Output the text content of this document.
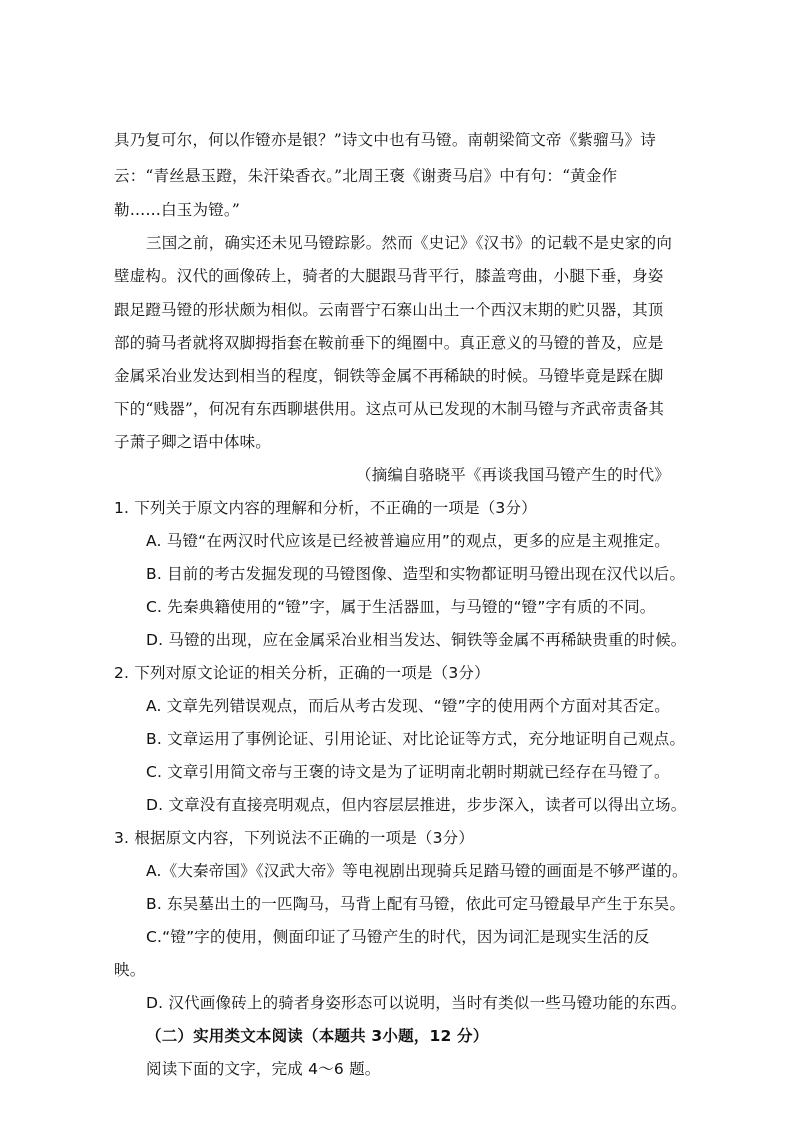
具乃复可尔，何以作镫亦是银？”诗文中也有马镫。南朝梁简文帝《紫骝马》诗
云：“青丝悬玉蹬，朱汗染香衣。”北周王褒《谢赉马启》中有句：“黄金作
勒……白玉为镫。”
三国之前，确实还未见马镫踪影。然而《史记》《汉书》的记载不是史家的向
壁虚构。汉代的画像砖上，骑者的大腿跟马背平行，膝盖弯曲，小腿下垂，身姿
跟足蹬马镫的形状颇为相似。云南晋宁石寨山出土一个西汉末期的贮贝器，其顶
部的骑马者就将双脚拇指套在鞍前垂下的绳圈中。真正意义的马镫的普及，应是
金属采冶业发达到相当的程度，铜铁等金属不再稀缺的时候。马镫毕竟是踩在脚
下的“贱器”，何况有东西聊堪供用。这点可从已发现的木制马镫与齐武帝责备其
子萧子卿之语中体味。
（摘编自骆晓平《再谈我国马镫产生的时代》
1. 下列关于原文内容的理解和分析，不正确的一项是（3分）
A. 马镫“在两汉时代应该是已经被普遍应用”的观点，更多的应是主观推定。
B. 目前的考古发掘发现的马镫图像、造型和实物都证明马镫出现在汉代以后。
C. 先秦典籍使用的“镫”字，属于生活器皿，与马镫的“镫”字有质的不同。
D. 马镫的出现，应在金属采冶业相当发达、铜铁等金属不再稀缺贵重的时候。
2. 下列对原文论证的相关分析，正确的一项是（3分）
A. 文章先列错误观点，而后从考古发现、“镫”字的使用两个方面对其否定。
B. 文章运用了事例论证、引用论证、对比论证等方式，充分地证明自己观点。
C. 文章引用简文帝与王褒的诗文是为了证明南北朝时期就已经存在马镫了。
D. 文章没有直接亮明观点，但内容层层推进，步步深入，读者可以得出立场。
3. 根据原文内容，下列说法不正确的一项是（3分）
A.《大秦帝国》《汉武大帝》等电视剧出现骑兵足踏马镫的画面是不够严谨的。
B. 东吴墓出土的一匹陶马，马背上配有马镫，依此可定马镫最早产生于东吴。
C.“镫”字的使用，侧面印证了马镫产生的时代，因为词汇是现实生活的反
映。
D. 汉代画像砖上的骑者身姿形态可以说明，当时有类似一些马镫功能的东西。
（二）实用类文本阅读（本题共 3小题，12 分）
阅读下面的文字，完成 4～6 题。
